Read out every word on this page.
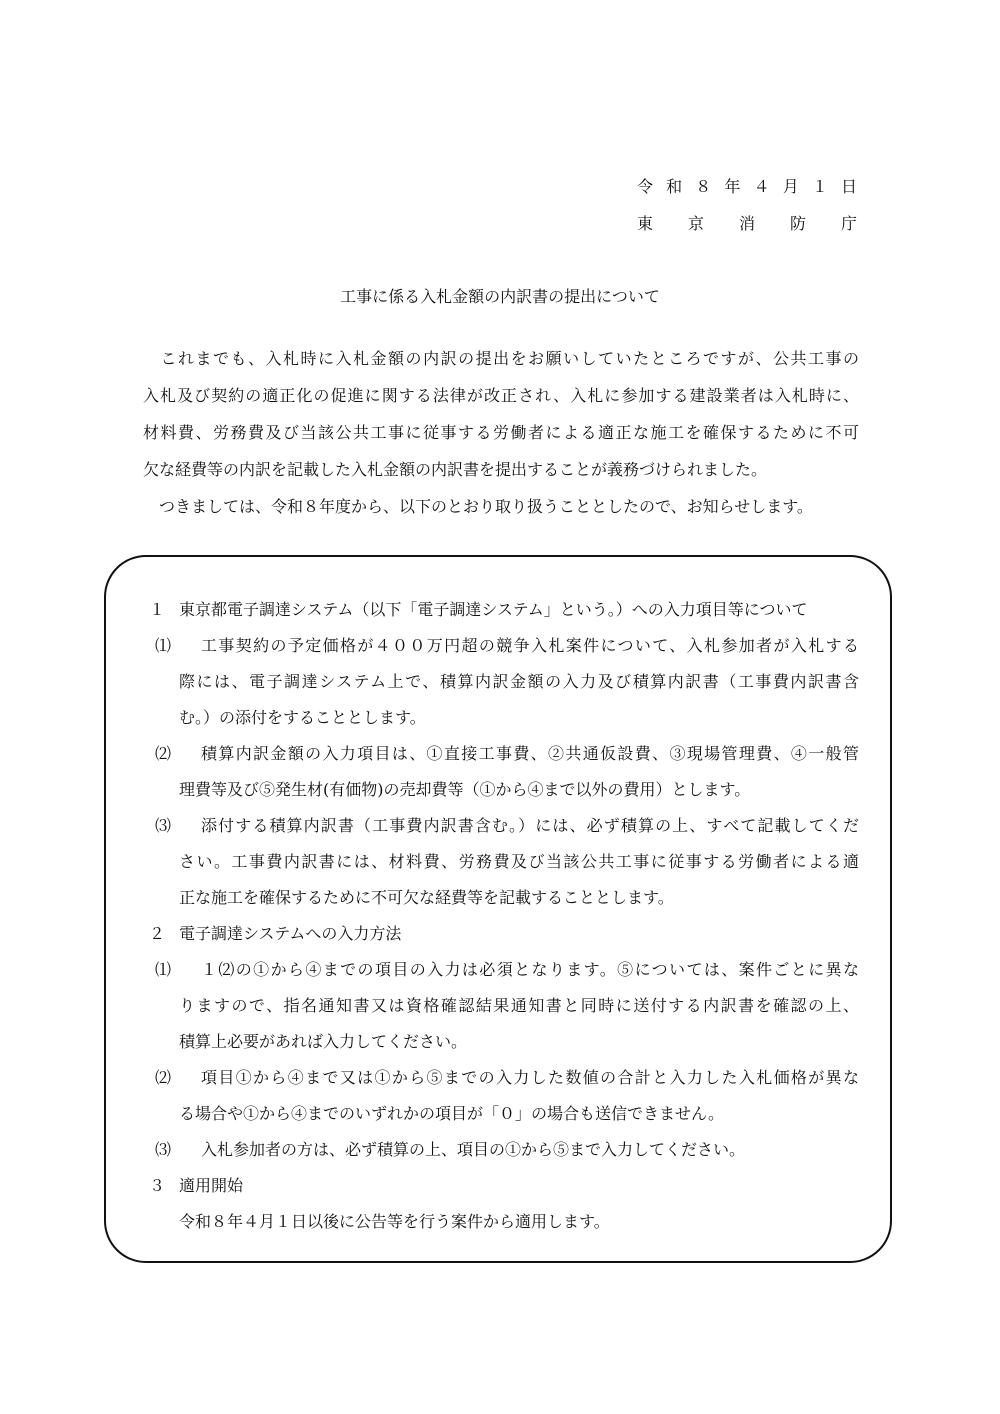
令 和 ８ 年 ４ 月 １ 日
東 京 消 防 庁
工事に係る入札金額の内訳書の提出について

　これまでも、入札時に入札金額の内訳の提出をお願いしていたところですが、公共工事の

入札及び契約の適正化の促進に関する法律が改正され、入札に参加する建設業者は入札時に、

材料費、労務費及び当該公共工事に従事する労働者による適正な施工を確保するために不可

欠な経費等の内訳を記載した入札金額の内訳書を提出することが義務づけられました。

　つきましては、令和８年度から、以下のとおり取り扱うこととしたので、お知らせします。

１ 東京都電子調達システム（以下「電子調達システム」という。）への入力項目等について
⑴ 工事契約の予定価格が４００万円超の競争入札案件について、入札参加者が入札する
際には、電子調達システム上で、積算内訳金額の入力及び積算内訳書（工事費内訳書含
む。）の添付をすることとします。
⑵ 積算内訳金額の入力項目は、①直接工事費、②共通仮設費、③現場管理費、④一般管
理費等及び⑤発生材(有価物)の売却費等（①から④まで以外の費用）とします。
⑶ 添付する積算内訳書（工事費内訳書含む。）には、必ず積算の上、すべて記載してくだ
さい。工事費内訳書には、材料費、労務費及び当該公共工事に従事する労働者による適
正な施工を確保するために不可欠な経費等を記載することとします。
２ 電子調達システムへの入力方法
⑴ １⑵の①から④までの項目の入力は必須となります。⑤については、案件ごとに異な
りますので、指名通知書又は資格確認結果通知書と同時に送付する内訳書を確認の上、
積算上必要があれば入力してください。
⑵ 項目①から④まで又は①から⑤までの入力した数値の合計と入力した入札価格が異な
る場合や①から④までのいずれかの項目が「０」の場合も送信できません。
⑶ 入札参加者の方は、必ず積算の上、項目の①から⑤まで入力してください。
３ 適用開始
令和８年４月１日以後に公告等を行う案件から適用します。
